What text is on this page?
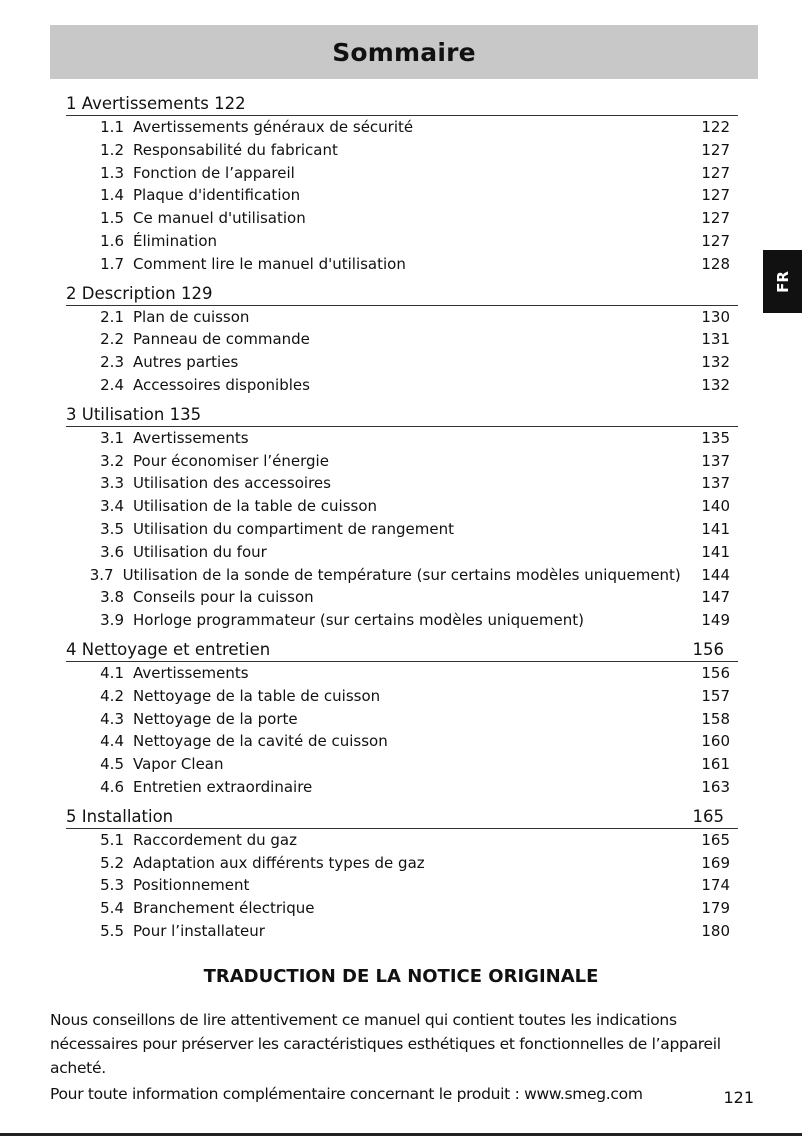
Sommaire
FR
1 Avertissements 122
1.1 Avertissements généraux de sécurité	122
1.2 Responsabilité du fabricant	127
1.3 Fonction de l’appareil	127
1.4 Plaque d'identification	127
1.5 Ce manuel d'utilisation	127
1.6 Élimination	127
1.7 Comment lire le manuel d'utilisation	128
2 Description 129
2.1 Plan de cuisson	130
2.2 Panneau de commande	131
2.3 Autres parties	132
2.4 Accessoires disponibles	132
3 Utilisation 135
3.1 Avertissements	135
3.2 Pour économiser l’énergie	137
3.3 Utilisation des accessoires	137
3.4 Utilisation de la table de cuisson	140
3.5 Utilisation du compartiment de rangement	141
3.6 Utilisation du four	141
3.7 Utilisation de la sonde de température (sur certains modèles uniquement)	144
3.8 Conseils pour la cuisson	147
3.9 Horloge programmateur (sur certains modèles uniquement)	149
4 Nettoyage et entretien	156
4.1 Avertissements	156
4.2 Nettoyage de la table de cuisson	157
4.3 Nettoyage de la porte	158
4.4 Nettoyage de la cavité de cuisson	160
4.5 Vapor Clean	161
4.6 Entretien extraordinaire	163
5 Installation	165
5.1 Raccordement du gaz	165
5.2 Adaptation aux différents types de gaz	169
5.3 Positionnement	174
5.4 Branchement électrique	179
5.5 Pour l’installateur	180
TRADUCTION DE LA NOTICE ORIGINALE

Nous conseillons de lire attentivement ce manuel qui contient toutes les indications nécessaires pour préserver les caractéristiques esthétiques et fonctionnelles de l’appareil acheté.

Pour toute information complémentaire concernant le produit : www.smeg.com	121
